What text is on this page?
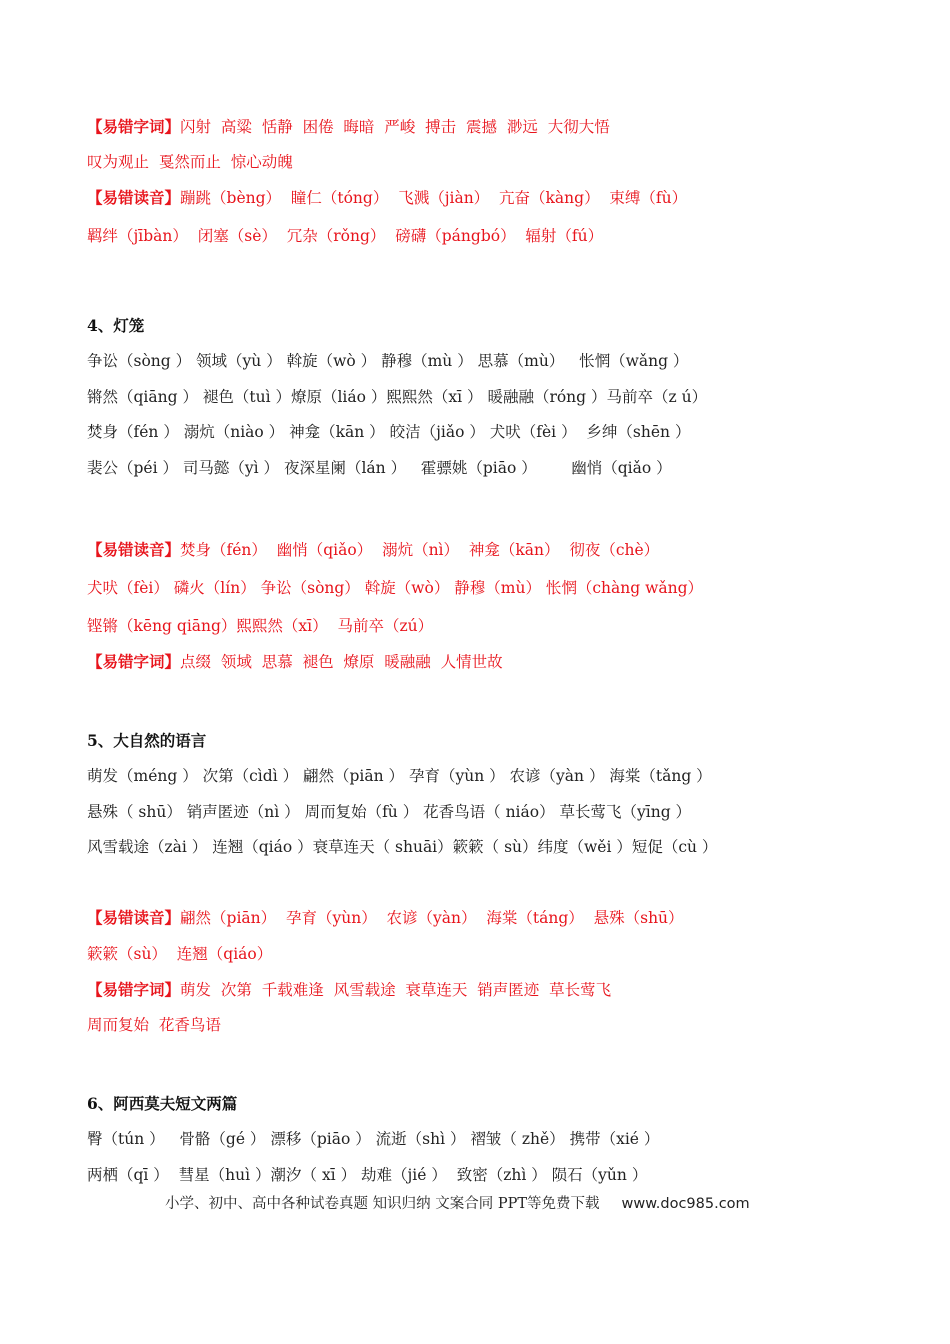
【易错字词】闪射  高粱  恬静  困倦  晦暗  严峻  搏击  震撼  渺远  大彻大悟
叹为观止  戛然而止  惊心动魄
【易错读音】蹦跳（bèng）  瞳仁（tóng）  飞溅（jiàn）  亢奋（kàng）  束缚（fù）
羁绊（jībàn）  闭塞（sè）  冗杂（rǒng）  磅礴（pángbó）  辐射（fú）
4、灯笼
争讼（sòng ） 领域（yù ） 斡旋（wò ） 静穆（mù ） 思慕（mù）   怅惘（wǎng ）
锵然（qiāng ） 褪色（tuì ）燎原（liáo ）熙熙然（xī ） 暖融融（róng ）马前卒（z ú）
焚身（fén ） 溺炕（niào ） 神龛（kān ） 皎洁（jiǎo ） 犬吠（fèi ）  乡绅（shēn ）
裴公（péi ） 司马懿（yì ） 夜深星阑（lán ）   霍骠姚（piāo ）       幽悄（qiǎo ）
【易错读音】焚身（fén）  幽悄（qiǎo）  溺炕（nì）  神龛（kān）  彻夜（chè）
犬吠（fèi） 磷火（lín） 争讼（sòng） 斡旋（wò） 静穆（mù） 怅惘（chàng wǎng）
铿锵（kēng qiāng）熙熙然（xī）  马前卒（zú）
【易错字词】点缀  领域  思慕  褪色  燎原  暖融融  人情世故
5、大自然的语言
萌发（méng ） 次第（cìdì ） 翩然（piān ） 孕育（yùn ） 农谚（yàn ） 海棠（tǎng ）
悬殊（ shū） 销声匿迹（nì ） 周而复始（fù ） 花香鸟语（ niáo） 草长莺飞（yīng ）
风雪载途（zài ） 连翘（qiáo ）衰草连天（ shuāi）簌簌（ sù）纬度（wěi ）短促（cù ）
【易错读音】翩然（piān）  孕育（yùn）  农谚（yàn）  海棠（táng）  悬殊（shū）
簌簌（sù）  连翘（qiáo）
【易错字词】萌发  次第  千载难逢  风雪载途  衰草连天  销声匿迹  草长莺飞
周而复始  花香鸟语
6、阿西莫夫短文两篇
臀（tún ）   骨骼（gé ） 漂移（piāo ） 流逝（shì ） 褶皱（ zhě） 携带（xié ）
两栖（qī ）  彗星（huì ）潮汐（ xī ） 劫难（jié ）  致密（zhì ） 陨石（yǔn ）
小学、初中、高中各种试卷真题 知识归纳 文案合同 PPT等免费下载 www.doc985.com
